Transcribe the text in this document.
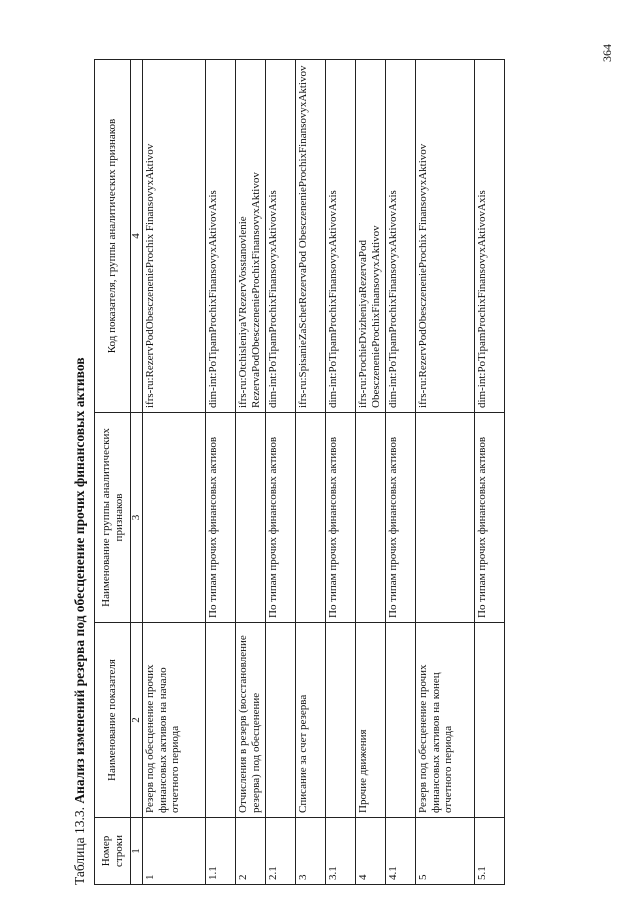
364
Таблица 13.3. Анализ изменений резерва под обесценение прочих финансовых активов
Номер строки	Наименование показателя	Наименование группы аналитических признаков	Код показателя, группы аналитических признаков
1	2	3	4
1	Резерв под обесценение прочих финансовых активов на начало отчетного периода		ifrs-ru:RezervPodObesczenenieProchix FinansovyxAktivov
1.1		По типам прочих финансовых активов	dim-int:PoTipamProchixFinansovyxAktivovAxis
2	Отчисления в резерв (восстановление резерва) под обесценение		ifrs-ru:OtchisleniyaVRezervVosstanovlenie RezervaPodObesczenenieProchixFinansovyxAktivov
2.1		По типам прочих финансовых активов	dim-int:PoTipamProchixFinansovyxAktivovAxis
3	Списание за счет резерва		ifrs-ru:SpisanieZaSchetRezervaPod ObesczenenieProchixFinansovyxAktivov
3.1		По типам прочих финансовых активов	dim-int:PoTipamProchixFinansovyxAktivovAxis
4	Прочие движения		ifrs-ru:ProchieDvizheniyaRezervaPod ObesczenenieProchixFinansovyxAktivov
4.1		По типам прочих финансовых активов	dim-int:PoTipamProchixFinansovyxAktivovAxis
5	Резерв под обесценение прочих финансовых активов на конец отчетного периода		ifrs-ru:RezervPodObesczenenieProchix FinansovyxAktivov
5.1		По типам прочих финансовых активов	dim-int:PoTipamProchixFinansovyxAktivovAxis
